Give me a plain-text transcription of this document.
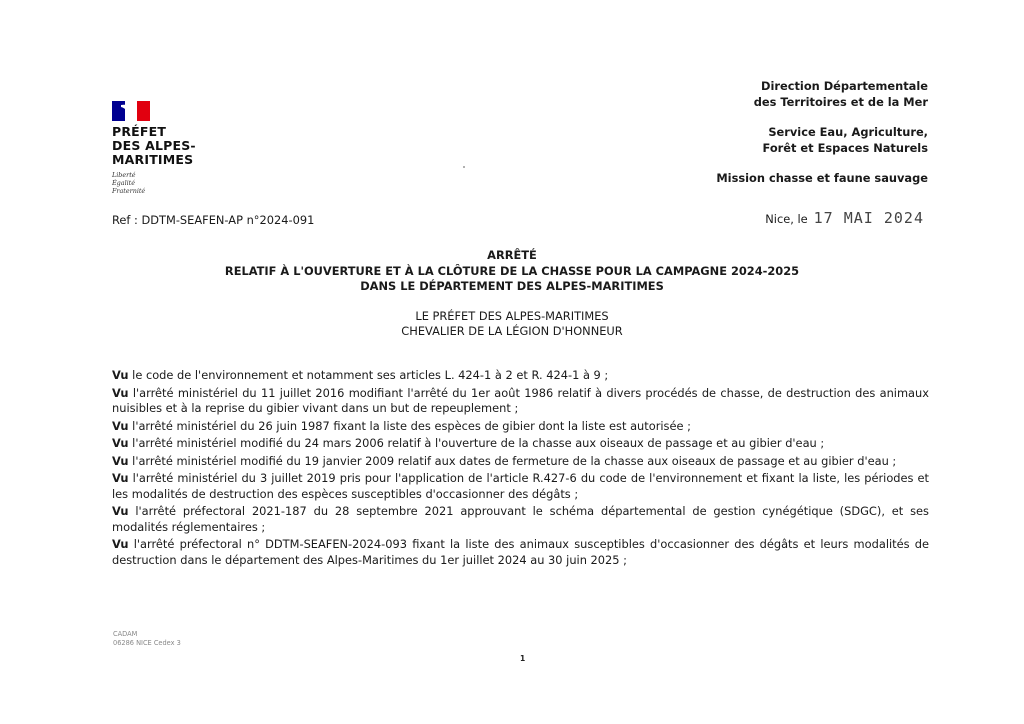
PRÉFET
DES ALPES-
MARITIMES
Liberté
Égalité
Fraternité
Direction Départementale
des Territoires et de la Mer
Service Eau, Agriculture,
Forêt et Espaces Naturels
Mission chasse et faune sauvage
Ref : DDTM-SEAFEN-AP n°2024-091	Nice, le 17 MAI 2024
ARRÊTÉ
RELATIF À L'OUVERTURE ET À LA CLÔTURE DE LA CHASSE POUR LA CAMPAGNE 2024-2025
DANS LE DÉPARTEMENT DES ALPES-MARITIMES
LE PRÉFET DES ALPES-MARITIMES
CHEVALIER DE LA LÉGION D'HONNEUR

Vu le code de l'environnement et notamment ses articles L. 424-1 à 2 et R. 424-1 à 9 ;

Vu l'arrêté ministériel du 11 juillet 2016 modifiant l'arrêté du 1er août 1986 relatif à divers procédés de chasse, de destruction des animaux nuisibles et à la reprise du gibier vivant dans un but de repeuplement ;

Vu l'arrêté ministériel du 26 juin 1987 fixant la liste des espèces de gibier dont la liste est autorisée ;

Vu l'arrêté ministériel modifié du 24 mars 2006 relatif à l'ouverture de la chasse aux oiseaux de passage et au gibier d'eau ;

Vu l'arrêté ministériel modifié du 19 janvier 2009 relatif aux dates de fermeture de la chasse aux oiseaux de passage et au gibier d'eau ;

Vu l'arrêté ministériel du 3 juillet 2019 pris pour l'application de l'article R.427-6 du code de l'environnement et fixant la liste, les périodes et les modalités de destruction des espèces susceptibles d'occasionner des dégâts ;

Vu l'arrêté préfectoral 2021-187 du 28 septembre 2021 approuvant le schéma départemental de gestion cynégétique (SDGC), et ses modalités réglementaires ;

Vu l'arrêté préfectoral n° DDTM-SEAFEN-2024-093 fixant la liste des animaux susceptibles d'occasionner des dégâts et leurs modalités de destruction dans le département des Alpes-Maritimes du 1er juillet 2024 au 30 juin 2025 ;

CADAM
06286 NICE Cedex 3
1
